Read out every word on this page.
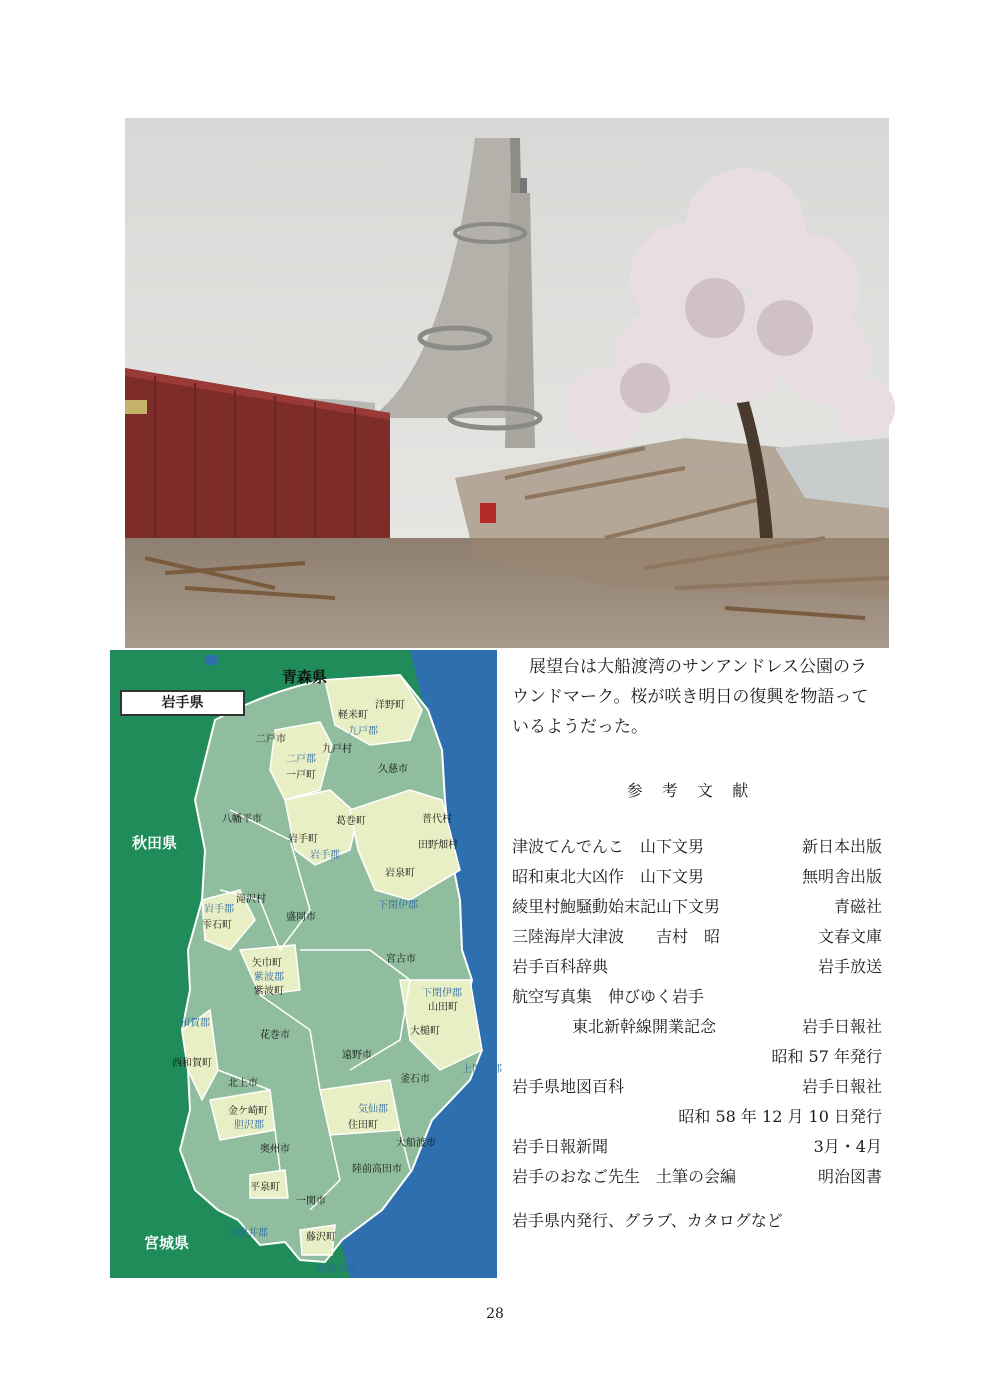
岩手県
青森県
秋田県
宮城県
洋野町
軽米町
九戸郡
九戸村
二戸市
二戸郡
一戸町
久慈市
九戸郡
普代村
八幡平市	葛巻町
岩手町
岩手郡
田野畑村
岩泉町
滝沢村
岩手郡
雫石町
盛岡市
下閉伊郡
宮古市
矢巾町
紫波郡
紫波町
和賀郡
西和賀町
花巻市
遠野市
下閉伊郡
山田町
大槌町
上閉伊郡
北上市	釜石市
金ケ崎町
胆沢郡
気仙郡
住田町
奥州市
大船渡市
陸前高田市
平泉町
一関市
西磐井郡	藤沢町
東磐井郡

展望台は大船渡湾のサンアンドレス公園のラウンドマーク。桜が咲き明日の復興を物語っているようだった。

参考文献
津波てんでんこ　山下文男	新日本出版
昭和東北大凶作　山下文男	無明舎出版
綾里村鮑騒動始末記山下文男	青磁社
三陸海岸大津波　　吉村　昭	文春文庫
岩手百科辞典	岩手放送
航空写真集　伸びゆく岩手
東北新幹線開業記念	岩手日報社
昭和 57 年発行
岩手県地図百科	岩手日報社
昭和 58 年 12 月 10 日発行
岩手日報新聞	3月・4月
岩手のおなご先生　土筆の会編	明治図書
岩手県内発行、グラブ、カタログなど
28
